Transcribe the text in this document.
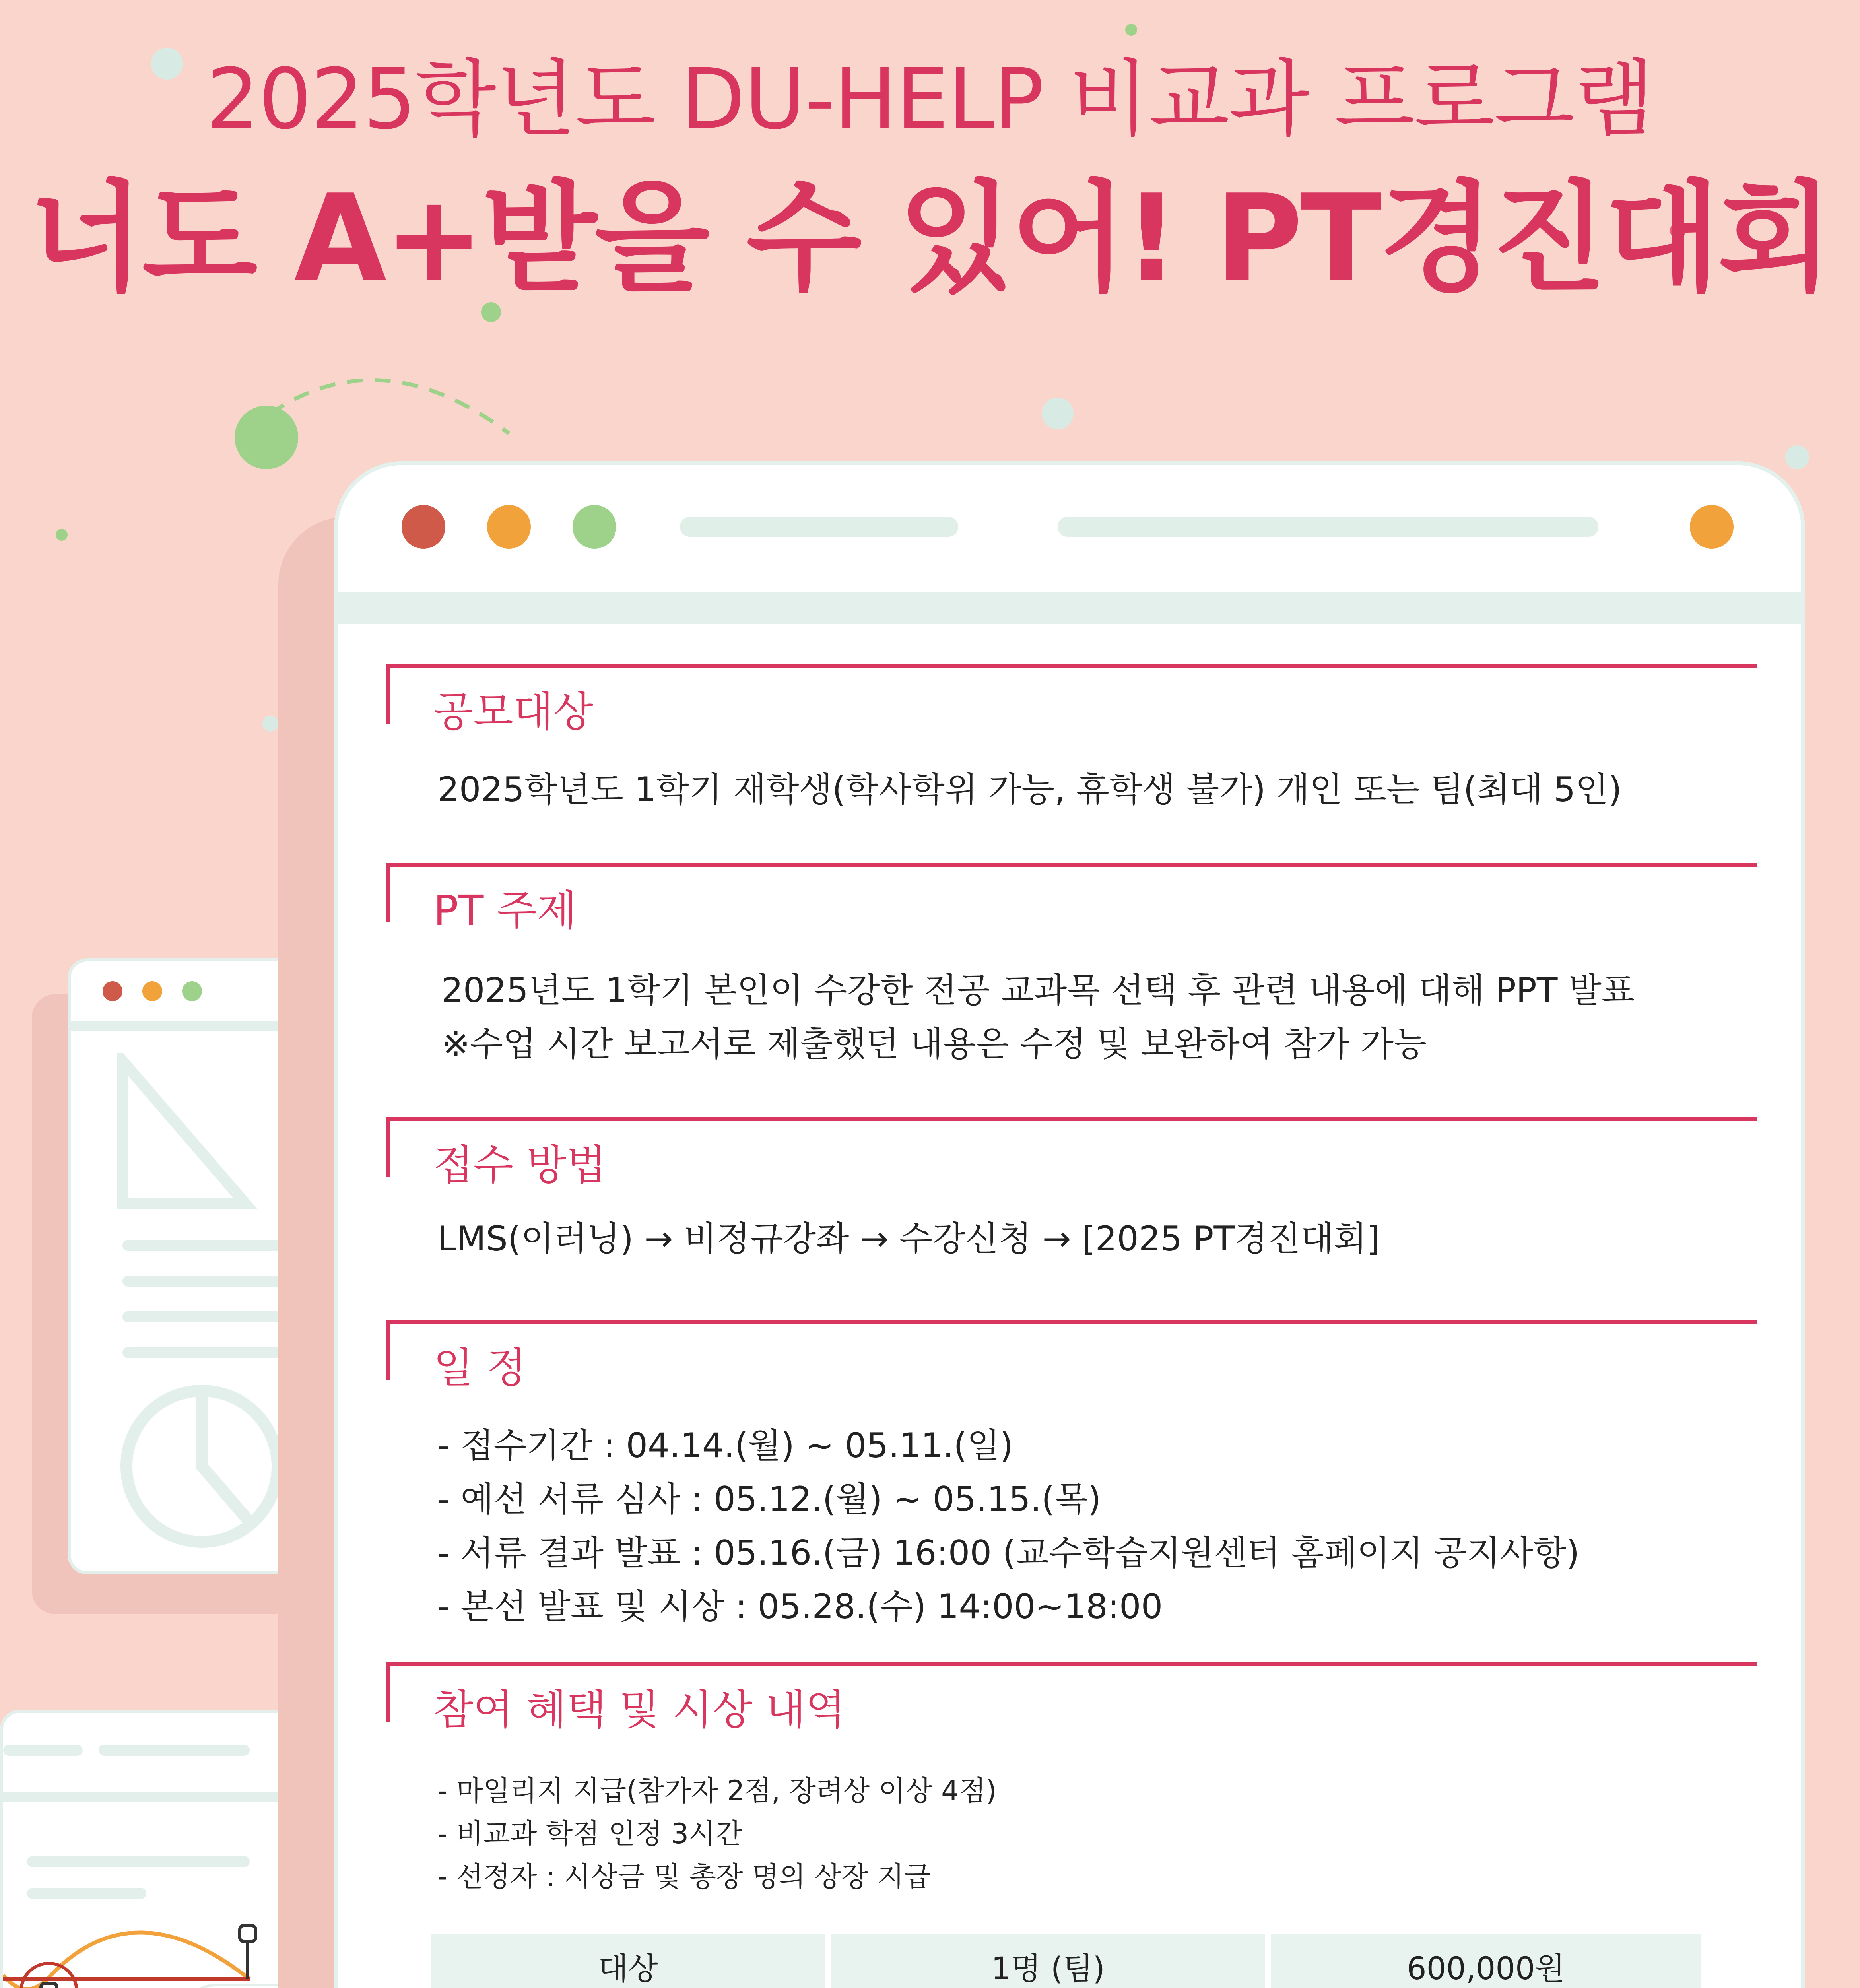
2025학년도 DU-HELP 비교과 프로그램
너도 A+받을 수 있어! PT경진대회
공모대상
2025학년도 1학기 재학생(학사학위 가능, 휴학생 불가) 개인 또는 팀(최대 5인)
PT 주제
2025년도 1학기 본인이 수강한 전공 교과목 선택 후 관련 내용에 대해 PPT 발표
※수업 시간 보고서로 제출했던 내용은 수정 및 보완하여 참가 가능
접수 방법
LMS(이러닝) → 비정규강좌 → 수강신청 → [2025 PT경진대회]
일 정
- 접수기간 : 04.14.(월) ~ 05.11.(일)
- 예선 서류 심사 : 05.12.(월) ~ 05.15.(목)
- 서류 결과 발표 : 05.16.(금) 16:00 (교수학습지원센터 홈페이지 공지사항)
- 본선 발표 및 시상 : 05.28.(수) 14:00~18:00
참여 혜택 및 시상 내역
- 마일리지 지급(참가자 2점, 장려상 이상 4점)
- 비교과 학점 인정 3시간
- 선정자 : 시상금 및 총장 명의 상장 지급
대상	1명 (팀)	600,000원
